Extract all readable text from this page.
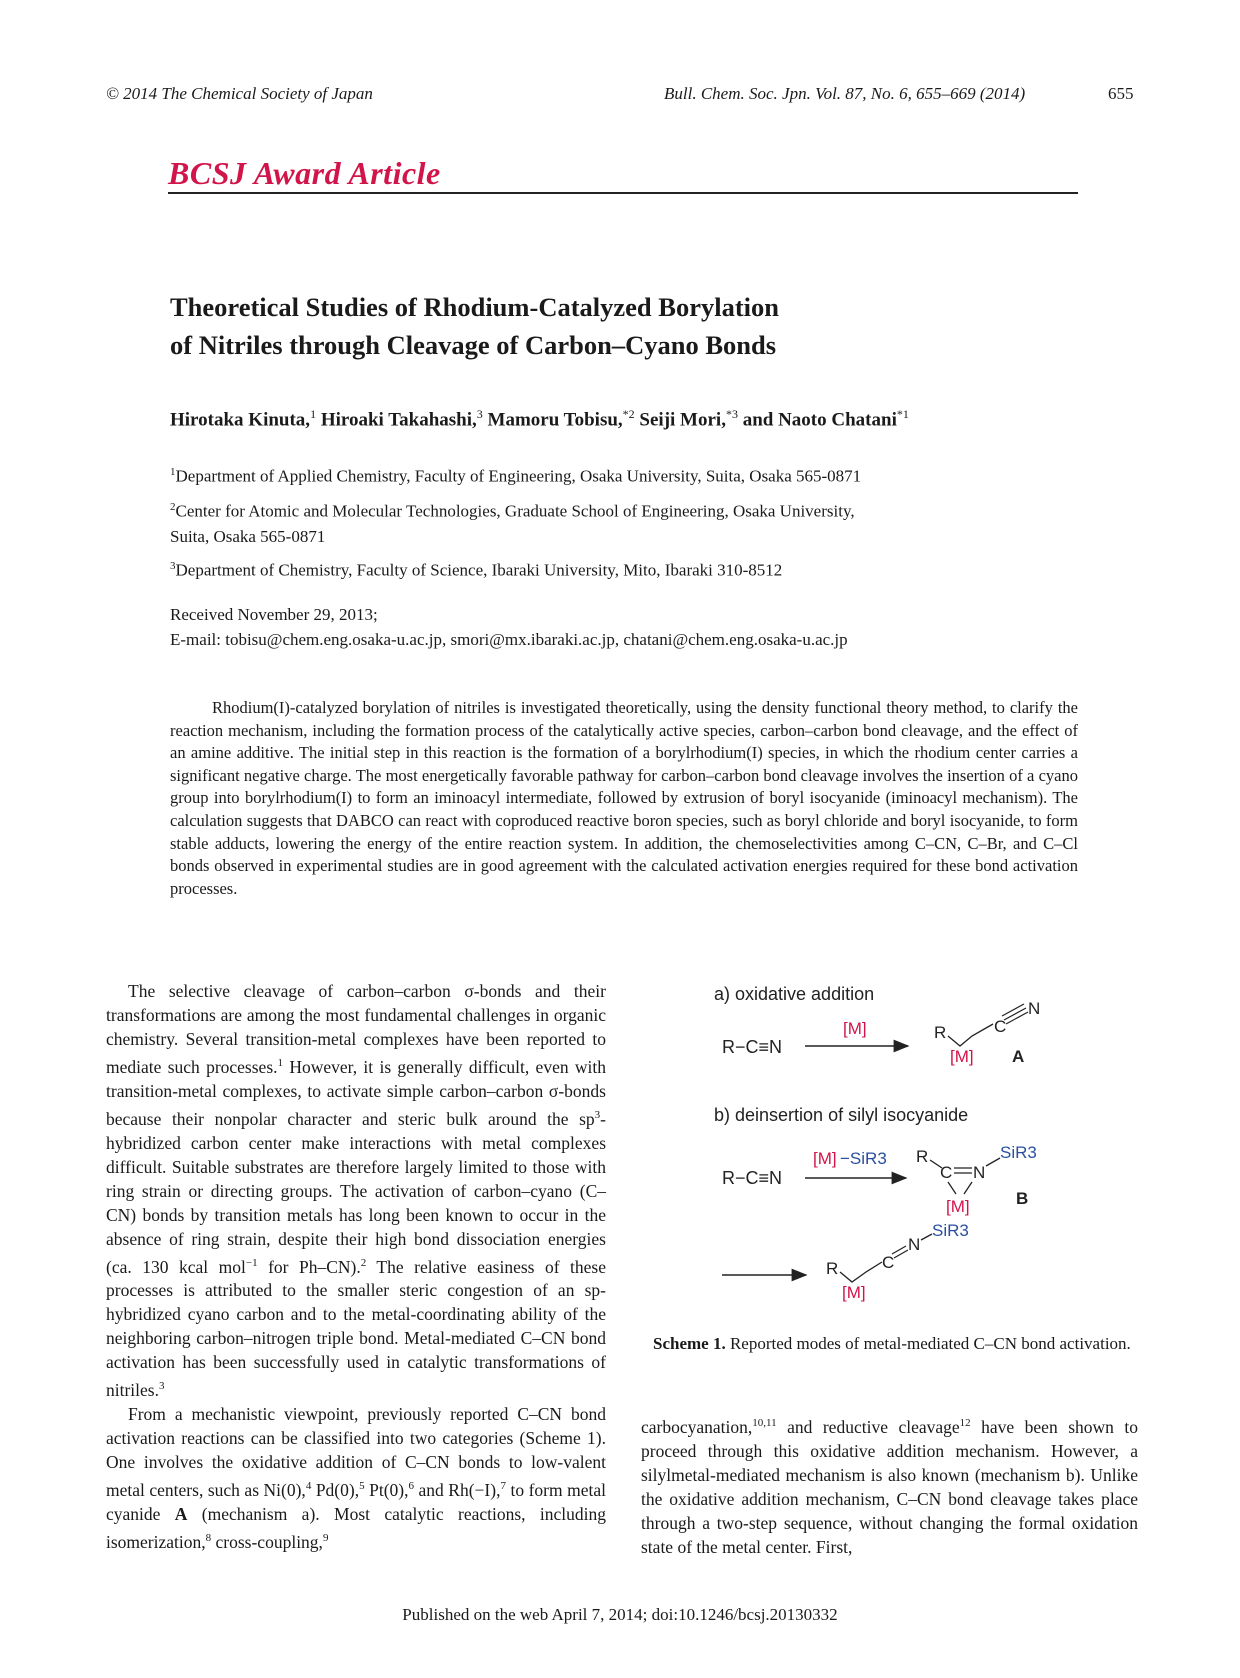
© 2014 The Chemical Society of Japan	Bull. Chem. Soc. Jpn. Vol. 87, No. 6, 655–669 (2014)	655
BCSJ Award Article
Theoretical Studies of Rhodium-Catalyzed Borylation
of Nitriles through Cleavage of Carbon–Cyano Bonds
Hirotaka Kinuta,$^1$ Hiroaki Takahashi,$^3$ Mamoru Tobisu,$^{*2}$ Seiji Mori,$^{*3}$ and Naoto Chatani$^{*1}$
$^1$Department of Applied Chemistry, Faculty of Engineering, Osaka University, Suita, Osaka 565-0871
$^2$Center for Atomic and Molecular Technologies, Graduate School of Engineering, Osaka University,
Suita, Osaka 565-0871
$^3$Department of Chemistry, Faculty of Science, Ibaraki University, Mito, Ibaraki 310-8512
Received November 29, 2013;
E-mail: tobisu@chem.eng.osaka-u.ac.jp, smori@mx.ibaraki.ac.jp, chatani@chem.eng.osaka-u.ac.jp
Rhodium(I)-catalyzed borylation of nitriles is investigated theoretically, using the density functional theory method, to clarify the reaction mechanism, including the formation process of the catalytically active species, carbon–carbon bond cleavage, and the effect of an amine additive. The initial step in this reaction is the formation of a borylrhodium(I) species, in which the rhodium center carries a significant negative charge. The most energetically favorable pathway for carbon–carbon bond cleavage involves the insertion of a cyano group into borylrhodium(I) to form an iminoacyl intermediate, followed by extrusion of boryl isocyanide (iminoacyl mechanism). The calculation suggests that DABCO can react with coproduced reactive boron species, such as boryl chloride and boryl isocyanide, to form stable adducts, lowering the energy of the entire reaction system. In addition, the chemoselectivities among C–CN, C–Br, and C–Cl bonds observed in experimental studies are in good agreement with the calculated activation energies required for these bond activation processes.

The selective cleavage of carbon–carbon σ-bonds and their transformations are among the most fundamental challenges in organic chemistry. Several transition-metal complexes have been reported to mediate such processes.$^1$ However, it is generally difficult, even with transition-metal complexes, to activate simple carbon–carbon σ-bonds because their nonpolar character and steric bulk around the $sp^3$-hybridized carbon center make interactions with metal complexes difficult. Suitable substrates are therefore largely limited to those with ring strain or directing groups. The activation of carbon–cyano (C–CN) bonds by transition metals has long been known to occur in the absence of ring strain, despite their high bond dissociation energies (ca. 130 kcal mol$^{-1}$ for Ph–CN).$^2$ The relative easiness of these processes is attributed to the smaller steric congestion of an sp-hybridized cyano carbon and to the metal-coordinating ability of the neighboring carbon–nitrogen triple bond. Metal-mediated C–CN bond activation has been successfully used in catalytic transformations of nitriles.$^3$

From a mechanistic viewpoint, previously reported C–CN bond activation reactions can be classified into two categories (Scheme 1). One involves the oxidative addition of C–CN bonds to low-valent metal centers, such as Ni(0),$^4$ Pd(0),$^5$ Pt(0),$^6$ and Rh(−I),$^7$ to form metal cyanide A (mechanism a). Most catalytic reactions, including isomerization,$^8$ cross-coupling,$^9$

a) oxidative addition
R−C≡N
[M]	R
[M]
C
N
A
b) deinsertion of silyl isocyanide
R−C≡N
[M] −SiR3 R
C N
SiR3
[M]	B
R
[M]
C
N
SiR3
Scheme 1. Reported modes of metal-mediated C–CN bond activation.

carbocyanation,$^{10,11}$ and reductive cleavage$^{12}$ have been shown to proceed through this oxidative addition mechanism. However, a silylmetal-mediated mechanism is also known (mechanism b). Unlike the oxidative addition mechanism, C–CN bond cleavage takes place through a two-step sequence, without changing the formal oxidation state of the metal center. First,

Published on the web April 7, 2014; doi:10.1246/bcsj.20130332
